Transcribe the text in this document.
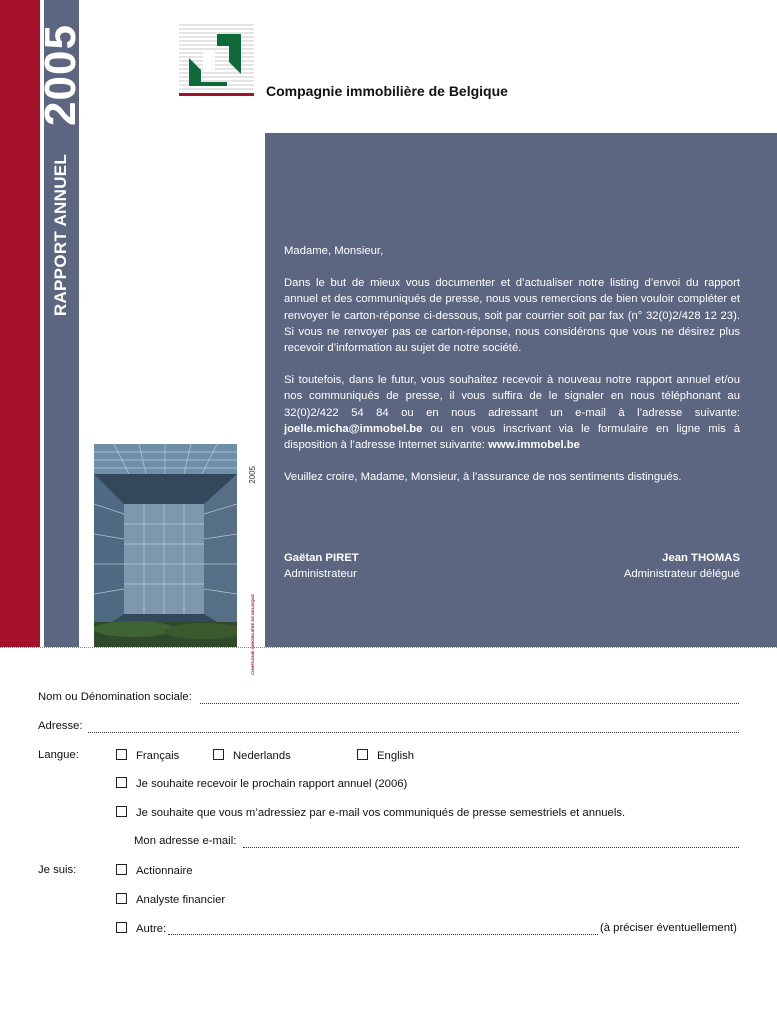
2005
RAPPORT ANNUEL
Compagnie immobilière de Belgique

Madame, Monsieur,

Dans le but de mieux vous documenter et d’actualiser notre listing d’envoi du rapport annuel et des communiqués de presse, nous vous remercions de bien vouloir compléter et renvoyer le carton-réponse ci-dessous, soit par courrier soit par fax (n° 32(0)2/428 12 23). Si vous ne renvoyer pas ce carton-réponse, nous considérons que vous ne désirez plus recevoir d’information au sujet de notre société.

Si toutefois, dans le futur, vous souhaitez recevoir à nouveau notre rapport annuel et/ou nos communiqués de presse, il vous suffira de le signaler en nous téléphonant au 32(0)2/422 54 84 ou en nous adressant un e-mail à l’adresse suivante: joelle.micha@immobel.be ou en vous inscrivant via le formulaire en ligne mis à disposition à l’adresse Internet suivante: www.immobel.be

Veuillez croire, Madame, Monsieur, à l’assurance de nos sentiments distingués.

Gaëtan PIRET
Administrateur
Jean THOMAS
Administrateur délégué
2005
COMPAGNIE IMMOBILIÈRE DE BELGIQUE
Nom ou Dénomination sociale:
Adresse:
Langue:	Français	Nederlands	English
Je souhaite recevoir le prochain rapport annuel (2006)
Je souhaite que vous m’adressiez par e-mail vos communiqués de presse semestriels et annuels.
Mon adresse e-mail:
Je suis:	Actionnaire
Analyste financier
Autre:	(à préciser éventuellement)
